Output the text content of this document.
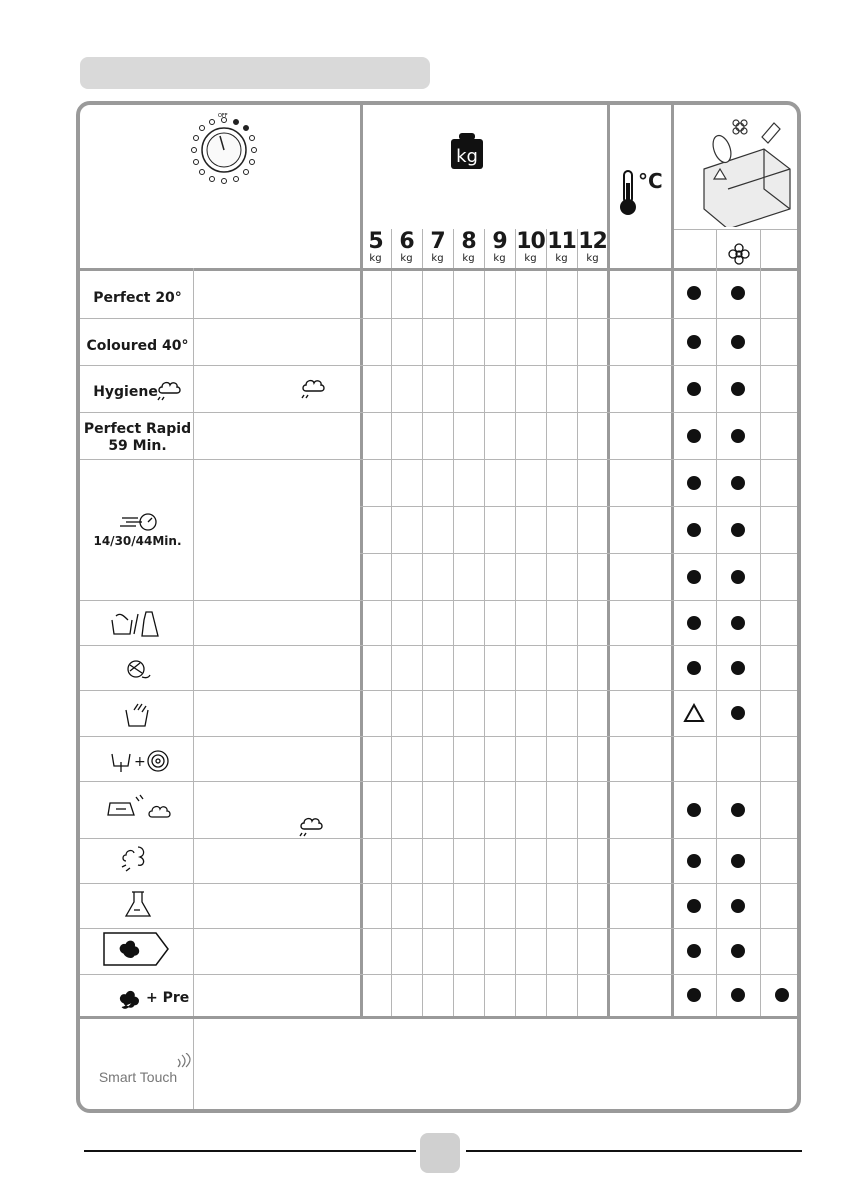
OFF
kg
°C
5
kg
6
kg
7
kg
8
kg
9
kg
10
kg
11
kg
12
kg
Perfect 20°
Coloured 40°
Hygiene
Perfect Rapid
59 Min.
14/30/44Min.
+
+ Pre
Smart Touch
